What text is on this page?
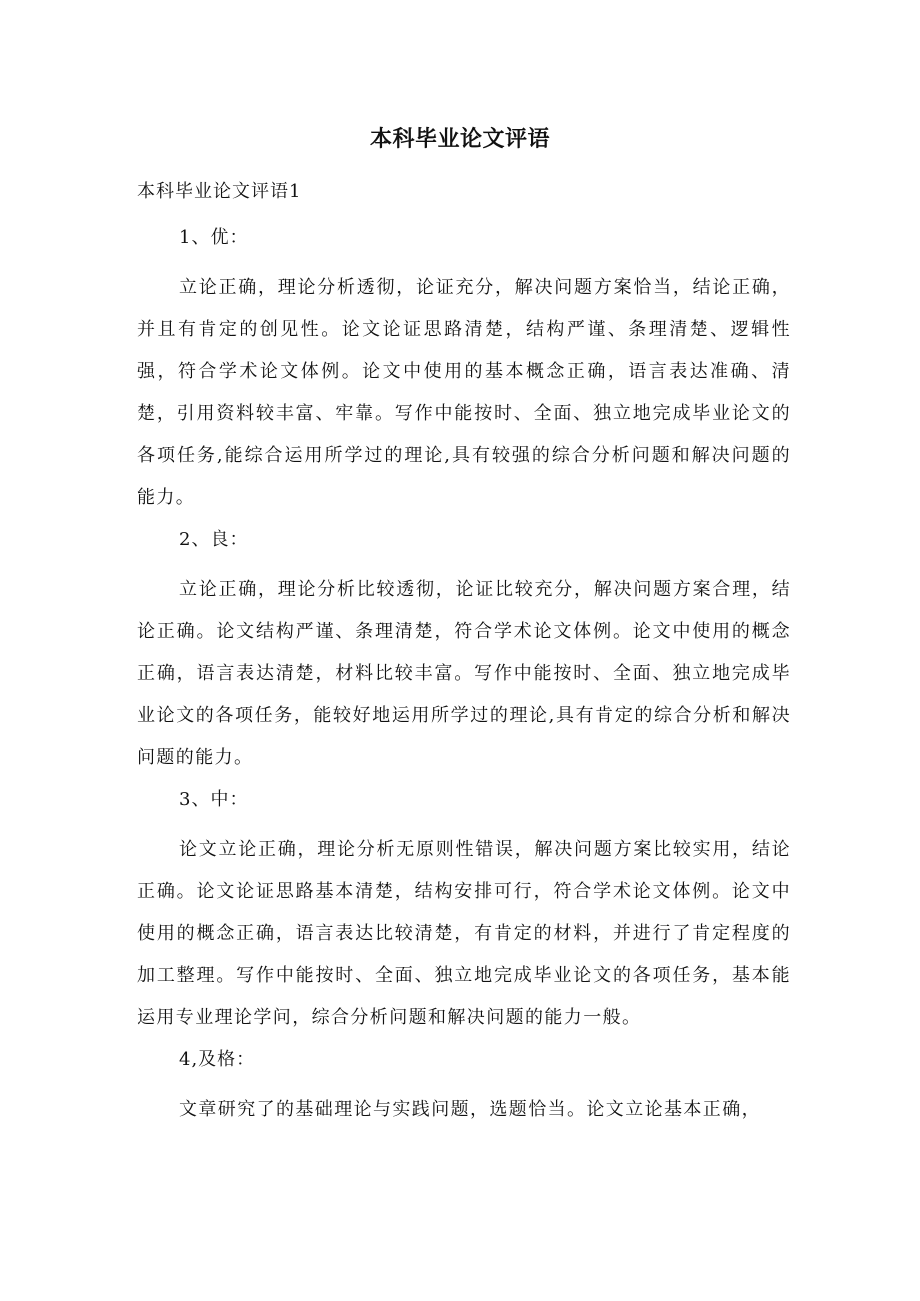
本科毕业论文评语
本科毕业论文评语1
1、优：

立论正确，理论分析透彻，论证充分，解决问题方案恰当，结论正确，并且有肯定的创见性。论文论证思路清楚，结构严谨、条理清楚、逻辑性强，符合学术论文体例。论文中使用的基本概念正确，语言表达准确、清楚，引用资料较丰富、牢靠。写作中能按时、全面、独立地完成毕业论文的各项任务,能综合运用所学过的理论,具有较强的综合分析问题和解决问题的能力。

2、良：

立论正确，理论分析比较透彻，论证比较充分，解决问题方案合理，结论正确。论文结构严谨、条理清楚，符合学术论文体例。论文中使用的概念正确，语言表达清楚，材料比较丰富。写作中能按时、全面、独立地完成毕业论文的各项任务，能较好地运用所学过的理论,具有肯定的综合分析和解决问题的能力。

3、中：

论文立论正确，理论分析无原则性错误，解决问题方案比较实用，结论正确。论文论证思路基本清楚，结构安排可行，符合学术论文体例。论文中使用的概念正确，语言表达比较清楚，有肯定的材料，并进行了肯定程度的加工整理。写作中能按时、全面、独立地完成毕业论文的各项任务，基本能运用专业理论学问，综合分析问题和解决问题的能力一般。

4,及格：

文章研究了的基础理论与实践问题，选题恰当。论文立论基本正确，
